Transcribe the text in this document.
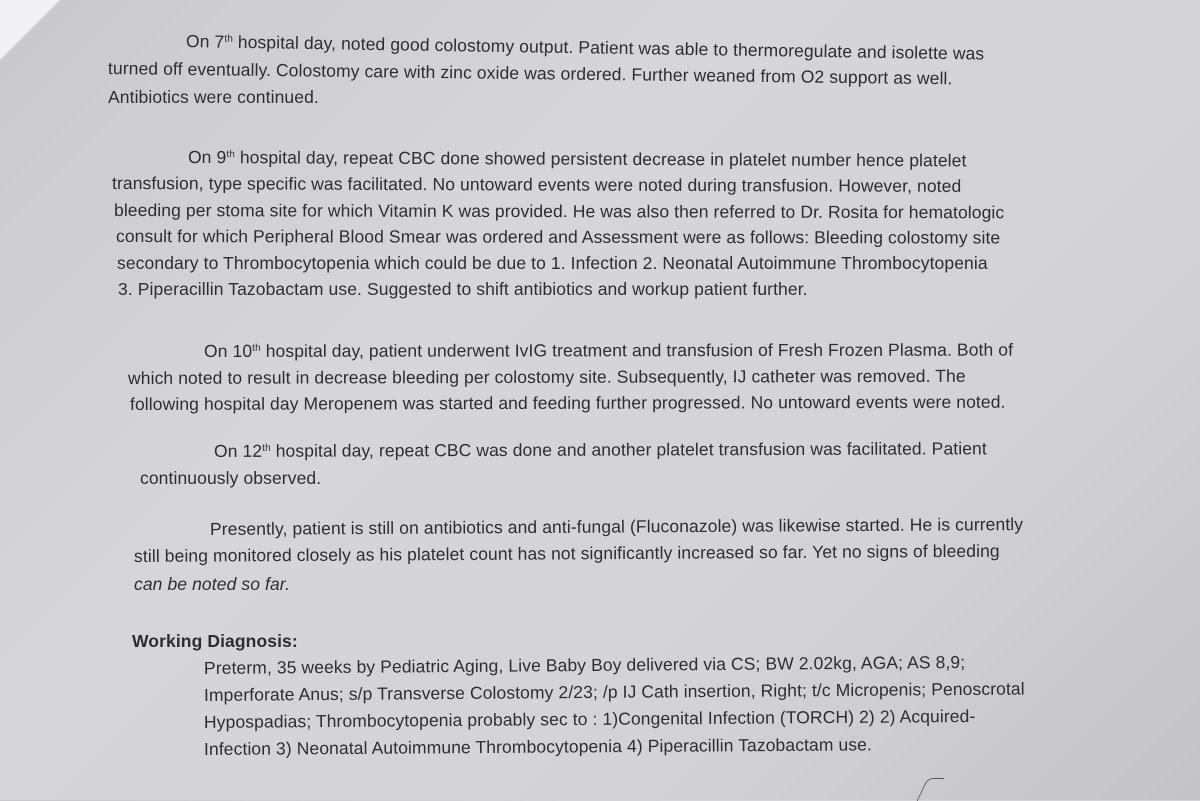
On 7th hospital day, noted good colostomy output. Patient was able to thermoregulate and isolette was
turned off eventually. Colostomy care with zinc oxide was ordered. Further weaned from O2 support as well.
Antibiotics were continued.
On 9th hospital day, repeat CBC done showed persistent decrease in platelet number hence platelet
transfusion, type specific was facilitated. No untoward events were noted during transfusion. However, noted
bleeding per stoma site for which Vitamin K was provided. He was also then referred to Dr. Rosita for hematologic
consult for which Peripheral Blood Smear was ordered and Assessment were as follows: Bleeding colostomy site
secondary to Thrombocytopenia which could be due to 1. Infection 2. Neonatal Autoimmune Thrombocytopenia
3. Piperacillin Tazobactam use. Suggested to shift antibiotics and workup patient further.
On 10th hospital day, patient underwent IvIG treatment and transfusion of Fresh Frozen Plasma. Both of
which noted to result in decrease bleeding per colostomy site. Subsequently, IJ catheter was removed. The
following hospital day Meropenem was started and feeding further progressed. No untoward events were noted.
On 12th hospital day, repeat CBC was done and another platelet transfusion was facilitated. Patient
continuously observed.
Presently, patient is still on antibiotics and anti-fungal (Fluconazole) was likewise started. He is currently
still being monitored closely as his platelet count has not significantly increased so far. Yet no signs of bleeding
can be noted so far.
Working Diagnosis:
Preterm, 35 weeks by Pediatric Aging, Live Baby Boy delivered via CS; BW 2.02kg, AGA; AS 8,9;
Imperforate Anus; s/p Transverse Colostomy 2/23; /p IJ Cath insertion, Right; t/c Micropenis; Penoscrotal
Hypospadias; Thrombocytopenia probably sec to : 1)Congenital Infection (TORCH) 2) 2) Acquired-
Infection 3) Neonatal Autoimmune Thrombocytopenia 4) Piperacillin Tazobactam use.
